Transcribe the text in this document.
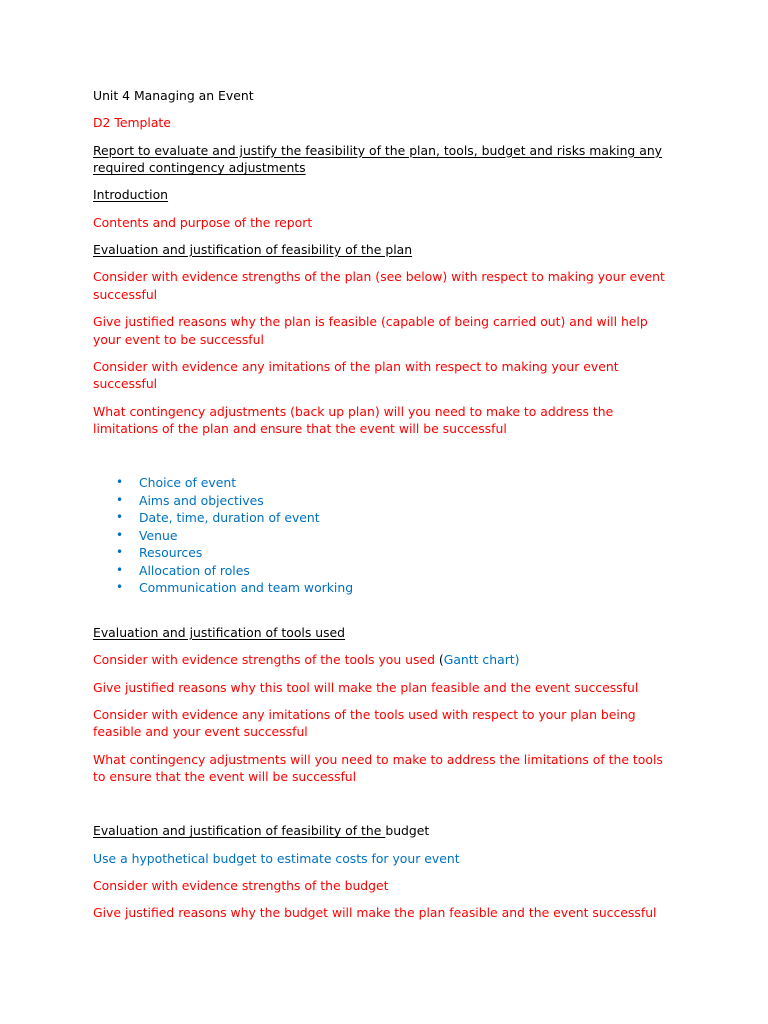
Unit 4 Managing an Event

D2 Template

Report to evaluate and justify the feasibility of the plan, tools, budget and risks making any required contingency adjustments

Introduction

Contents and purpose of the report

Evaluation and justification of feasibility of the plan

Consider with evidence strengths of the plan (see below) with respect to making your event successful

Give justified reasons why the plan is feasible (capable of being carried out) and will help your event to be successful

Consider with evidence any imitations of the plan with respect to making your event successful

What contingency adjustments (back up plan) will you need to make to address the limitations of the plan and ensure that the event will be successful

• Choice of event
• Aims and objectives
• Date, time, duration of event
• Venue
• Resources
• Allocation of roles
• Communication and team working

Evaluation and justification of tools used

Consider with evidence strengths of the tools you used (Gantt chart)

Give justified reasons why this tool will make the plan feasible and the event successful

Consider with evidence any imitations of the tools used with respect to your plan being feasible and your event successful

What contingency adjustments will you need to make to address the limitations of the tools to ensure that the event will be successful

Evaluation and justification of feasibility of the budget

Use a hypothetical budget to estimate costs for your event

Consider with evidence strengths of the budget

Give justified reasons why the budget will make the plan feasible and the event successful
